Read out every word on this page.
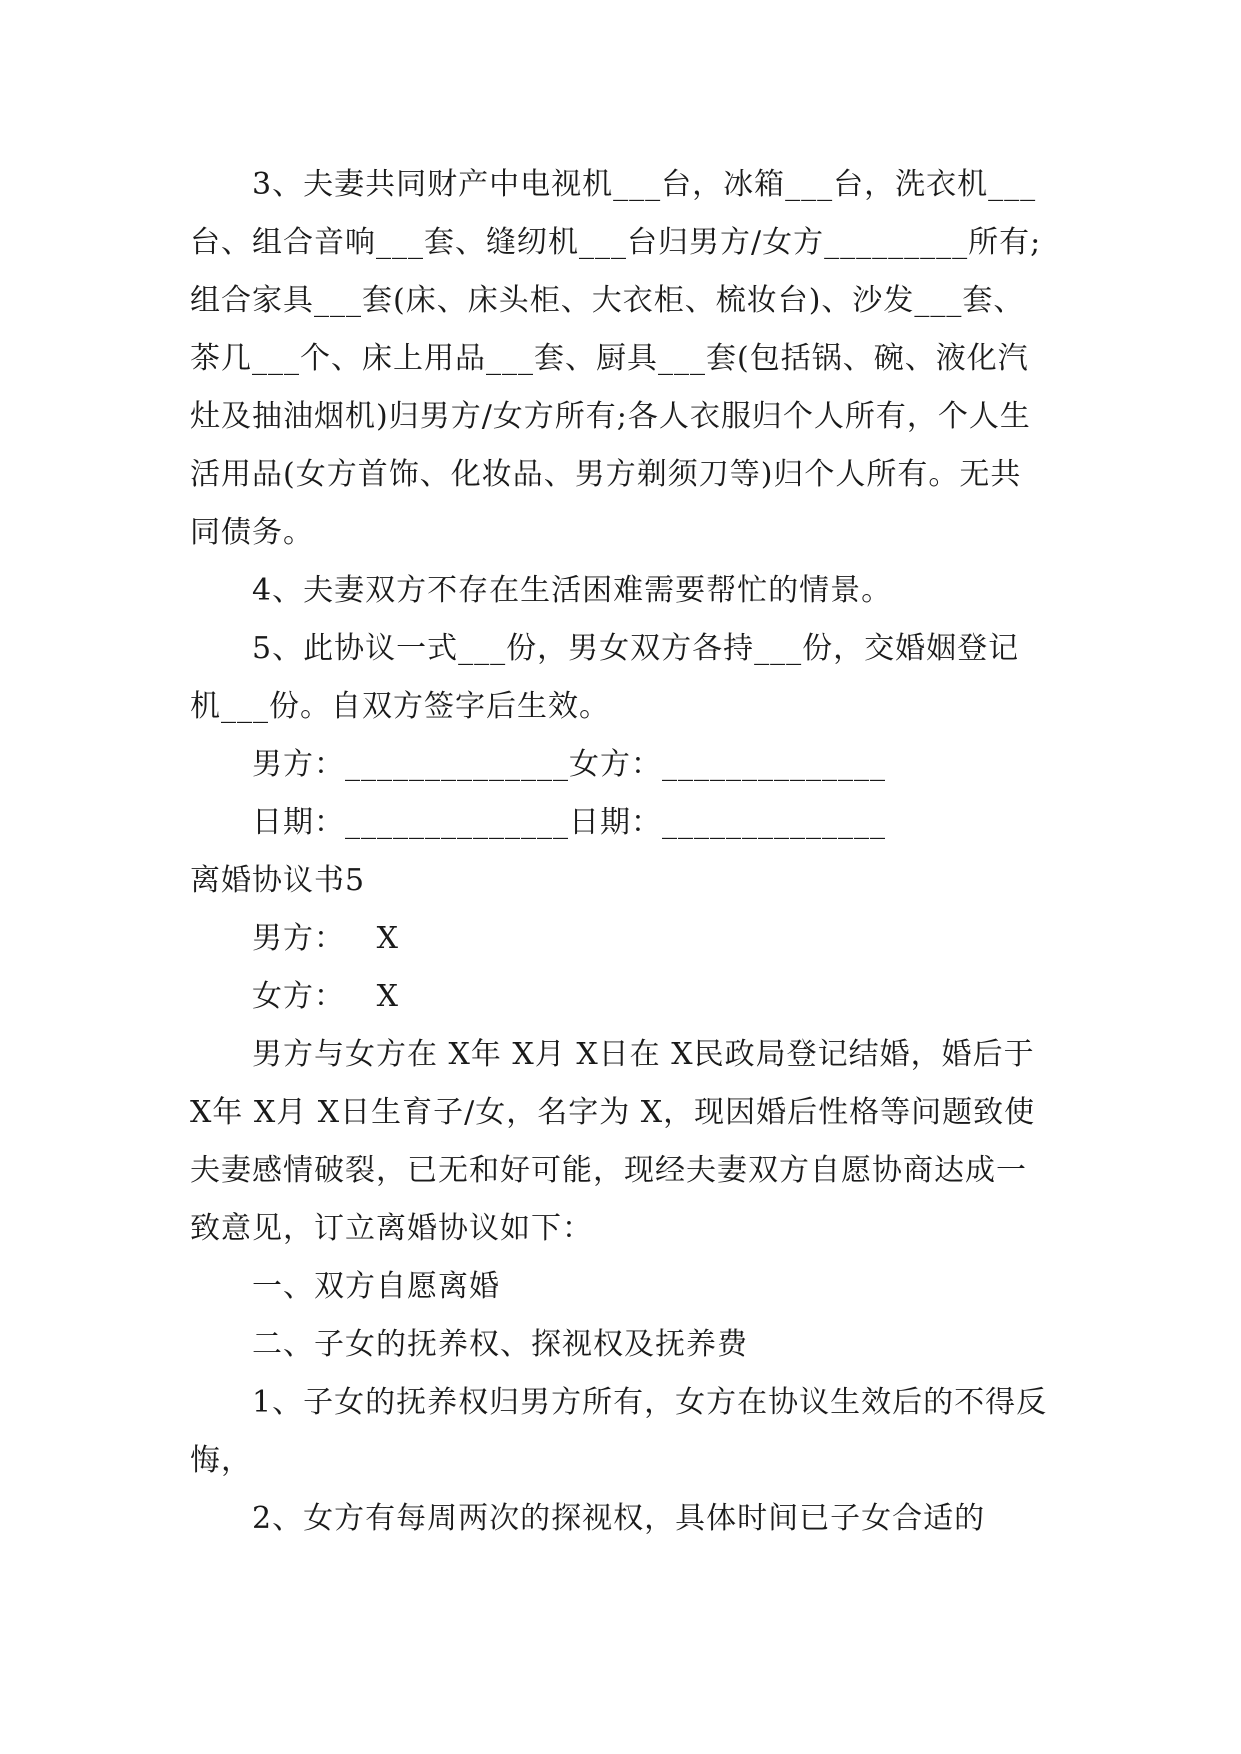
3、夫妻共同财产中电视机___台，冰箱___台，洗衣机___台、组合音响___套、缝纫机___台归男方/女方_________所有;组合家具___套(床、床头柜、大衣柜、梳妆台)、沙发___套、茶几___个、床上用品___套、厨具___套(包括锅、碗、液化汽灶及抽油烟机)归男方/女方所有;各人衣服归个人所有，个人生活用品(女方首饰、化妆品、男方剃须刀等)归个人所有。无共同债务。

4、夫妻双方不存在生活困难需要帮忙的情景。

5、此协议一式___份，男女双方各持___份，交婚姻登记机___份。自双方签字后生效。

男方：______________女方：______________

日期：______________日期：______________

离婚协议书5

男方：   X

女方：   X

男方与女方在 X年 X月 X日在 X民政局登记结婚，婚后于 X年 X月 X日生育子/女，名字为 X，现因婚后性格等问题致使夫妻感情破裂，已无和好可能，现经夫妻双方自愿协商达成一致意见，订立离婚协议如下：

一、双方自愿离婚

二、子女的抚养权、探视权及抚养费

1、子女的抚养权归男方所有，女方在协议生效后的不得反悔，

2、女方有每周两次的探视权，具体时间已子女合适的
